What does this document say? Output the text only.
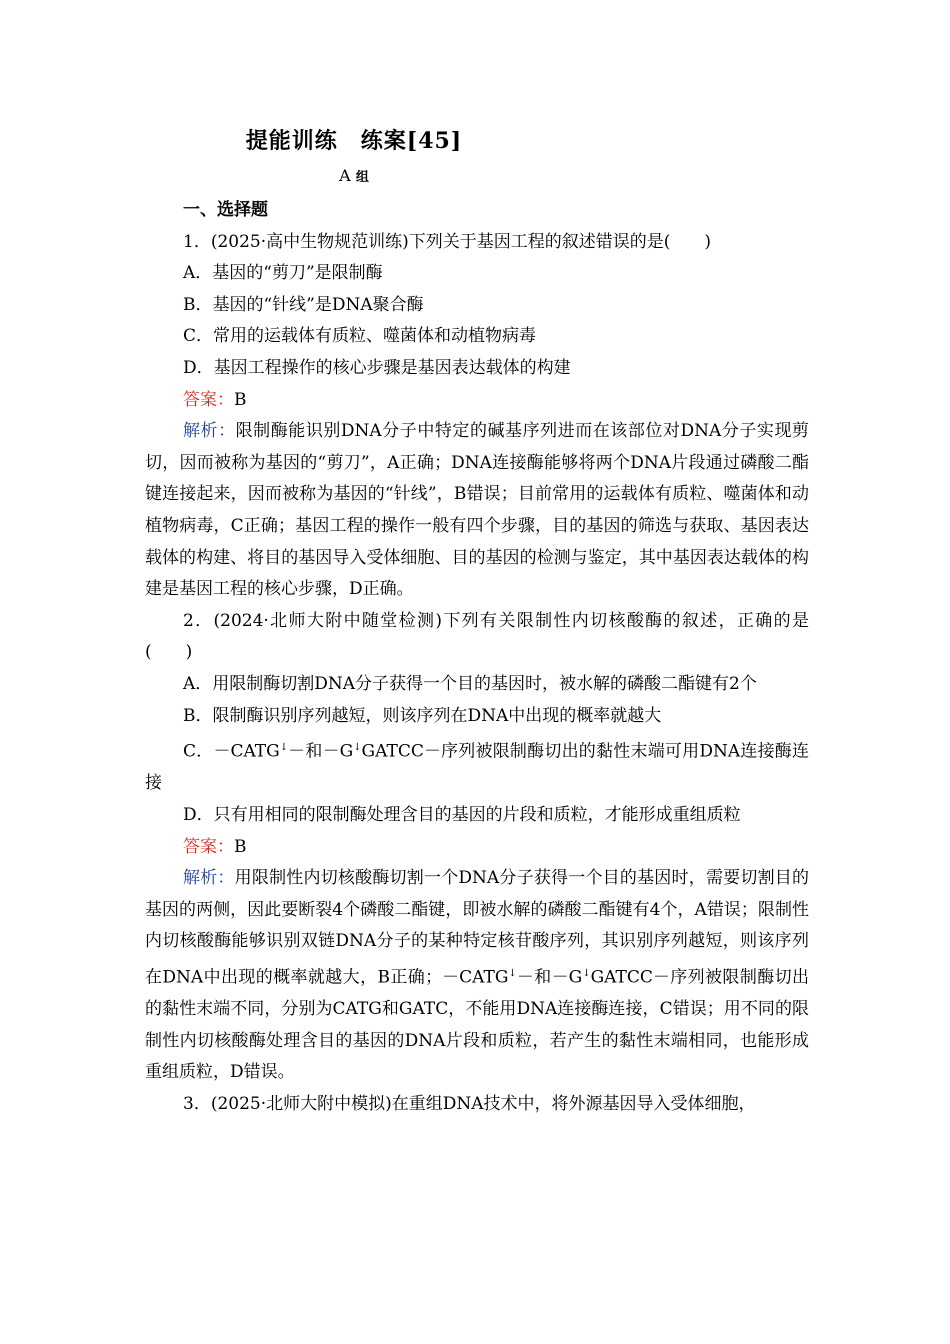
提能训练　练案[45]
A 组
一、选择题
1．(2025·高中生物规范训练)下列关于基因工程的叙述错误的是(　　)
A．基因的“剪刀”是限制酶
B．基因的“针线”是DNA聚合酶
C．常用的运载体有质粒、噬菌体和动植物病毒
D．基因工程操作的核心步骤是基因表达载体的构建
答案：B
解析：限制酶能识别DNA分子中特定的碱基序列进而在该部位对DNA分子实现剪切，因而被称为基因的“剪刀”，A正确；DNA连接酶能够将两个DNA片段通过磷酸二酯键连接起来，因而被称为基因的“针线”，B错误；目前常用的运载体有质粒、噬菌体和动植物病毒，C正确；基因工程的操作一般有四个步骤，目的基因的筛选与获取、基因表达载体的构建、将目的基因导入受体细胞、目的基因的检测与鉴定，其中基因表达载体的构建是基因工程的核心步骤，D正确。
2．(2024·北师大附中随堂检测)下列有关限制性内切核酸酶的叙述，正确的是(　　)
A．用限制酶切割DNA分子获得一个目的基因时，被水解的磷酸二酯键有2个
B．限制酶识别序列越短，则该序列在DNA中出现的概率就越大
C．－CATG↓－和－G↓GATCC－序列被限制酶切出的黏性末端可用DNA连接酶连接
D．只有用相同的限制酶处理含目的基因的片段和质粒，才能形成重组质粒
答案：B
解析：用限制性内切核酸酶切割一个DNA分子获得一个目的基因时，需要切割目的基因的两侧，因此要断裂4个磷酸二酯键，即被水解的磷酸二酯键有4个，A错误；限制性内切核酸酶能够识别双链DNA分子的某种特定核苷酸序列，其识别序列越短，则该序列在DNA中出现的概率就越大，B正确；－CATG↓－和－G↓GATCC－序列被限制酶切出的黏性末端不同，分别为CATG和GATC，不能用DNA连接酶连接，C错误；用不同的限制性内切核酸酶处理含目的基因的DNA片段和质粒，若产生的黏性末端相同，也能形成重组质粒，D错误。
3．(2025·北师大附中模拟)在重组DNA技术中，将外源基因导入受体细胞，
